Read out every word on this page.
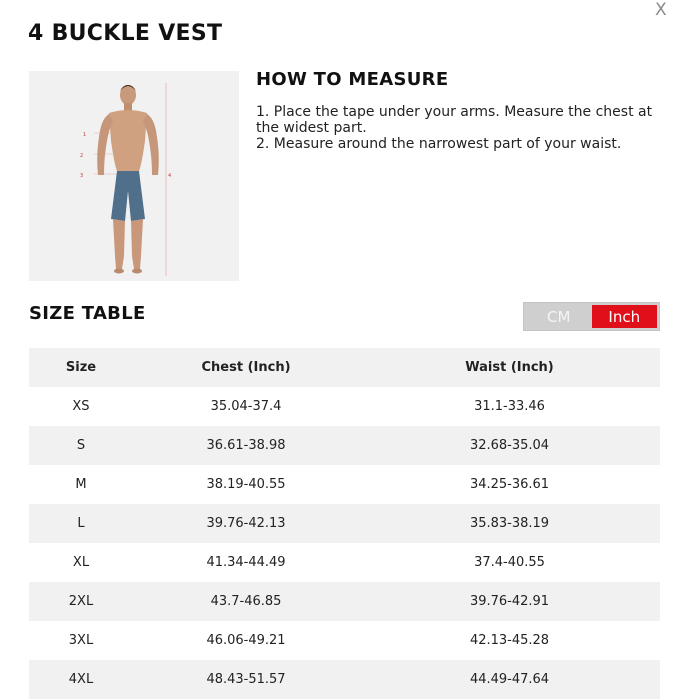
X
4 BUCKLE VEST
1
2
3	4
HOW TO MEASURE

1. Place the tape under your arms. Measure the chest at the widest part.

2. Measure around the narrowest part of your waist.

SIZE TABLE	CM	Inch
Size	Chest (Inch)	Waist (Inch)
XS	35.04-37.4	31.1-33.46
S	36.61-38.98	32.68-35.04
M	38.19-40.55	34.25-36.61
L	39.76-42.13	35.83-38.19
XL	41.34-44.49	37.4-40.55
2XL	43.7-46.85	39.76-42.91
3XL	46.06-49.21	42.13-45.28
4XL	48.43-51.57	44.49-47.64
